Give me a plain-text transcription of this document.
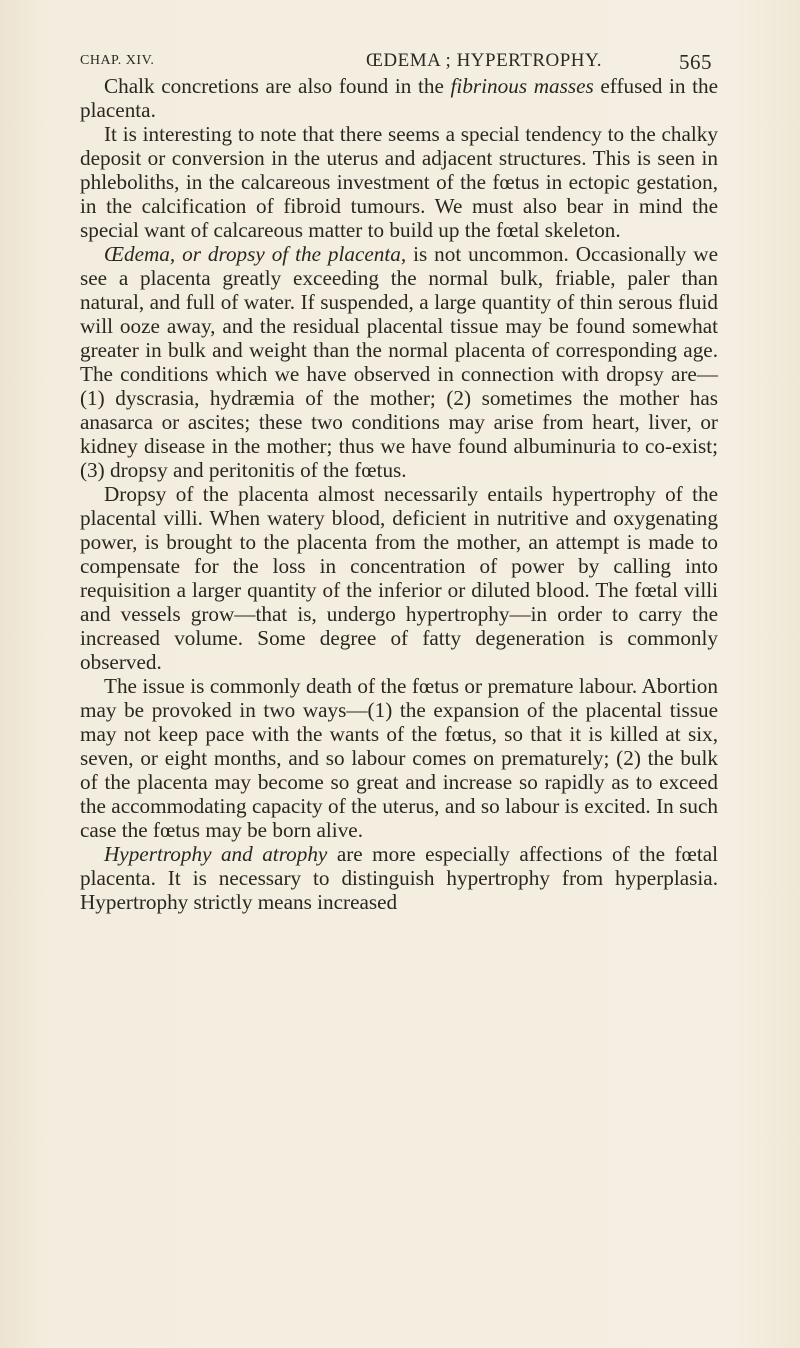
CHAP. XIV.	ŒDEMA ; HYPERTROPHY.	565

Chalk concretions are also found in the fibrinous masses effused in the placenta.

It is interesting to note that there seems a special tendency to the chalky deposit or conversion in the uterus and adjacent structures. This is seen in phleboliths, in the calcareous investment of the fœtus in ectopic gestation, in the calcification of fibroid tumours. We must also bear in mind the special want of calcareous matter to build up the fœtal skeleton.

Œdema, or dropsy of the placenta, is not uncommon. Occasionally we see a placenta greatly exceeding the normal bulk, friable, paler than natural, and full of water. If suspended, a large quantity of thin serous fluid will ooze away, and the residual placental tissue may be found somewhat greater in bulk and weight than the normal placenta of corresponding age. The conditions which we have observed in connection with dropsy are—(1) dyscrasia, hydræmia of the mother; (2) sometimes the mother has anasarca or ascites; these two conditions may arise from heart, liver, or kidney disease in the mother; thus we have found albuminuria to co-exist; (3) dropsy and peritonitis of the fœtus.

Dropsy of the placenta almost necessarily entails hypertrophy of the placental villi. When watery blood, deficient in nutritive and oxygenating power, is brought to the placenta from the mother, an attempt is made to compensate for the loss in concentration of power by calling into requisition a larger quantity of the inferior or diluted blood. The fœtal villi and vessels grow—that is, undergo hypertrophy—in order to carry the increased volume. Some degree of fatty degeneration is commonly observed.

The issue is commonly death of the fœtus or premature labour. Abortion may be provoked in two ways—(1) the expansion of the placental tissue may not keep pace with the wants of the fœtus, so that it is killed at six, seven, or eight months, and so labour comes on prematurely; (2) the bulk of the placenta may become so great and increase so rapidly as to exceed the accommodating capacity of the uterus, and so labour is excited. In such case the fœtus may be born alive.

Hypertrophy and atrophy are more especially affections of the fœtal placenta. It is necessary to distinguish hypertrophy from hyperplasia. Hypertrophy strictly means increased
